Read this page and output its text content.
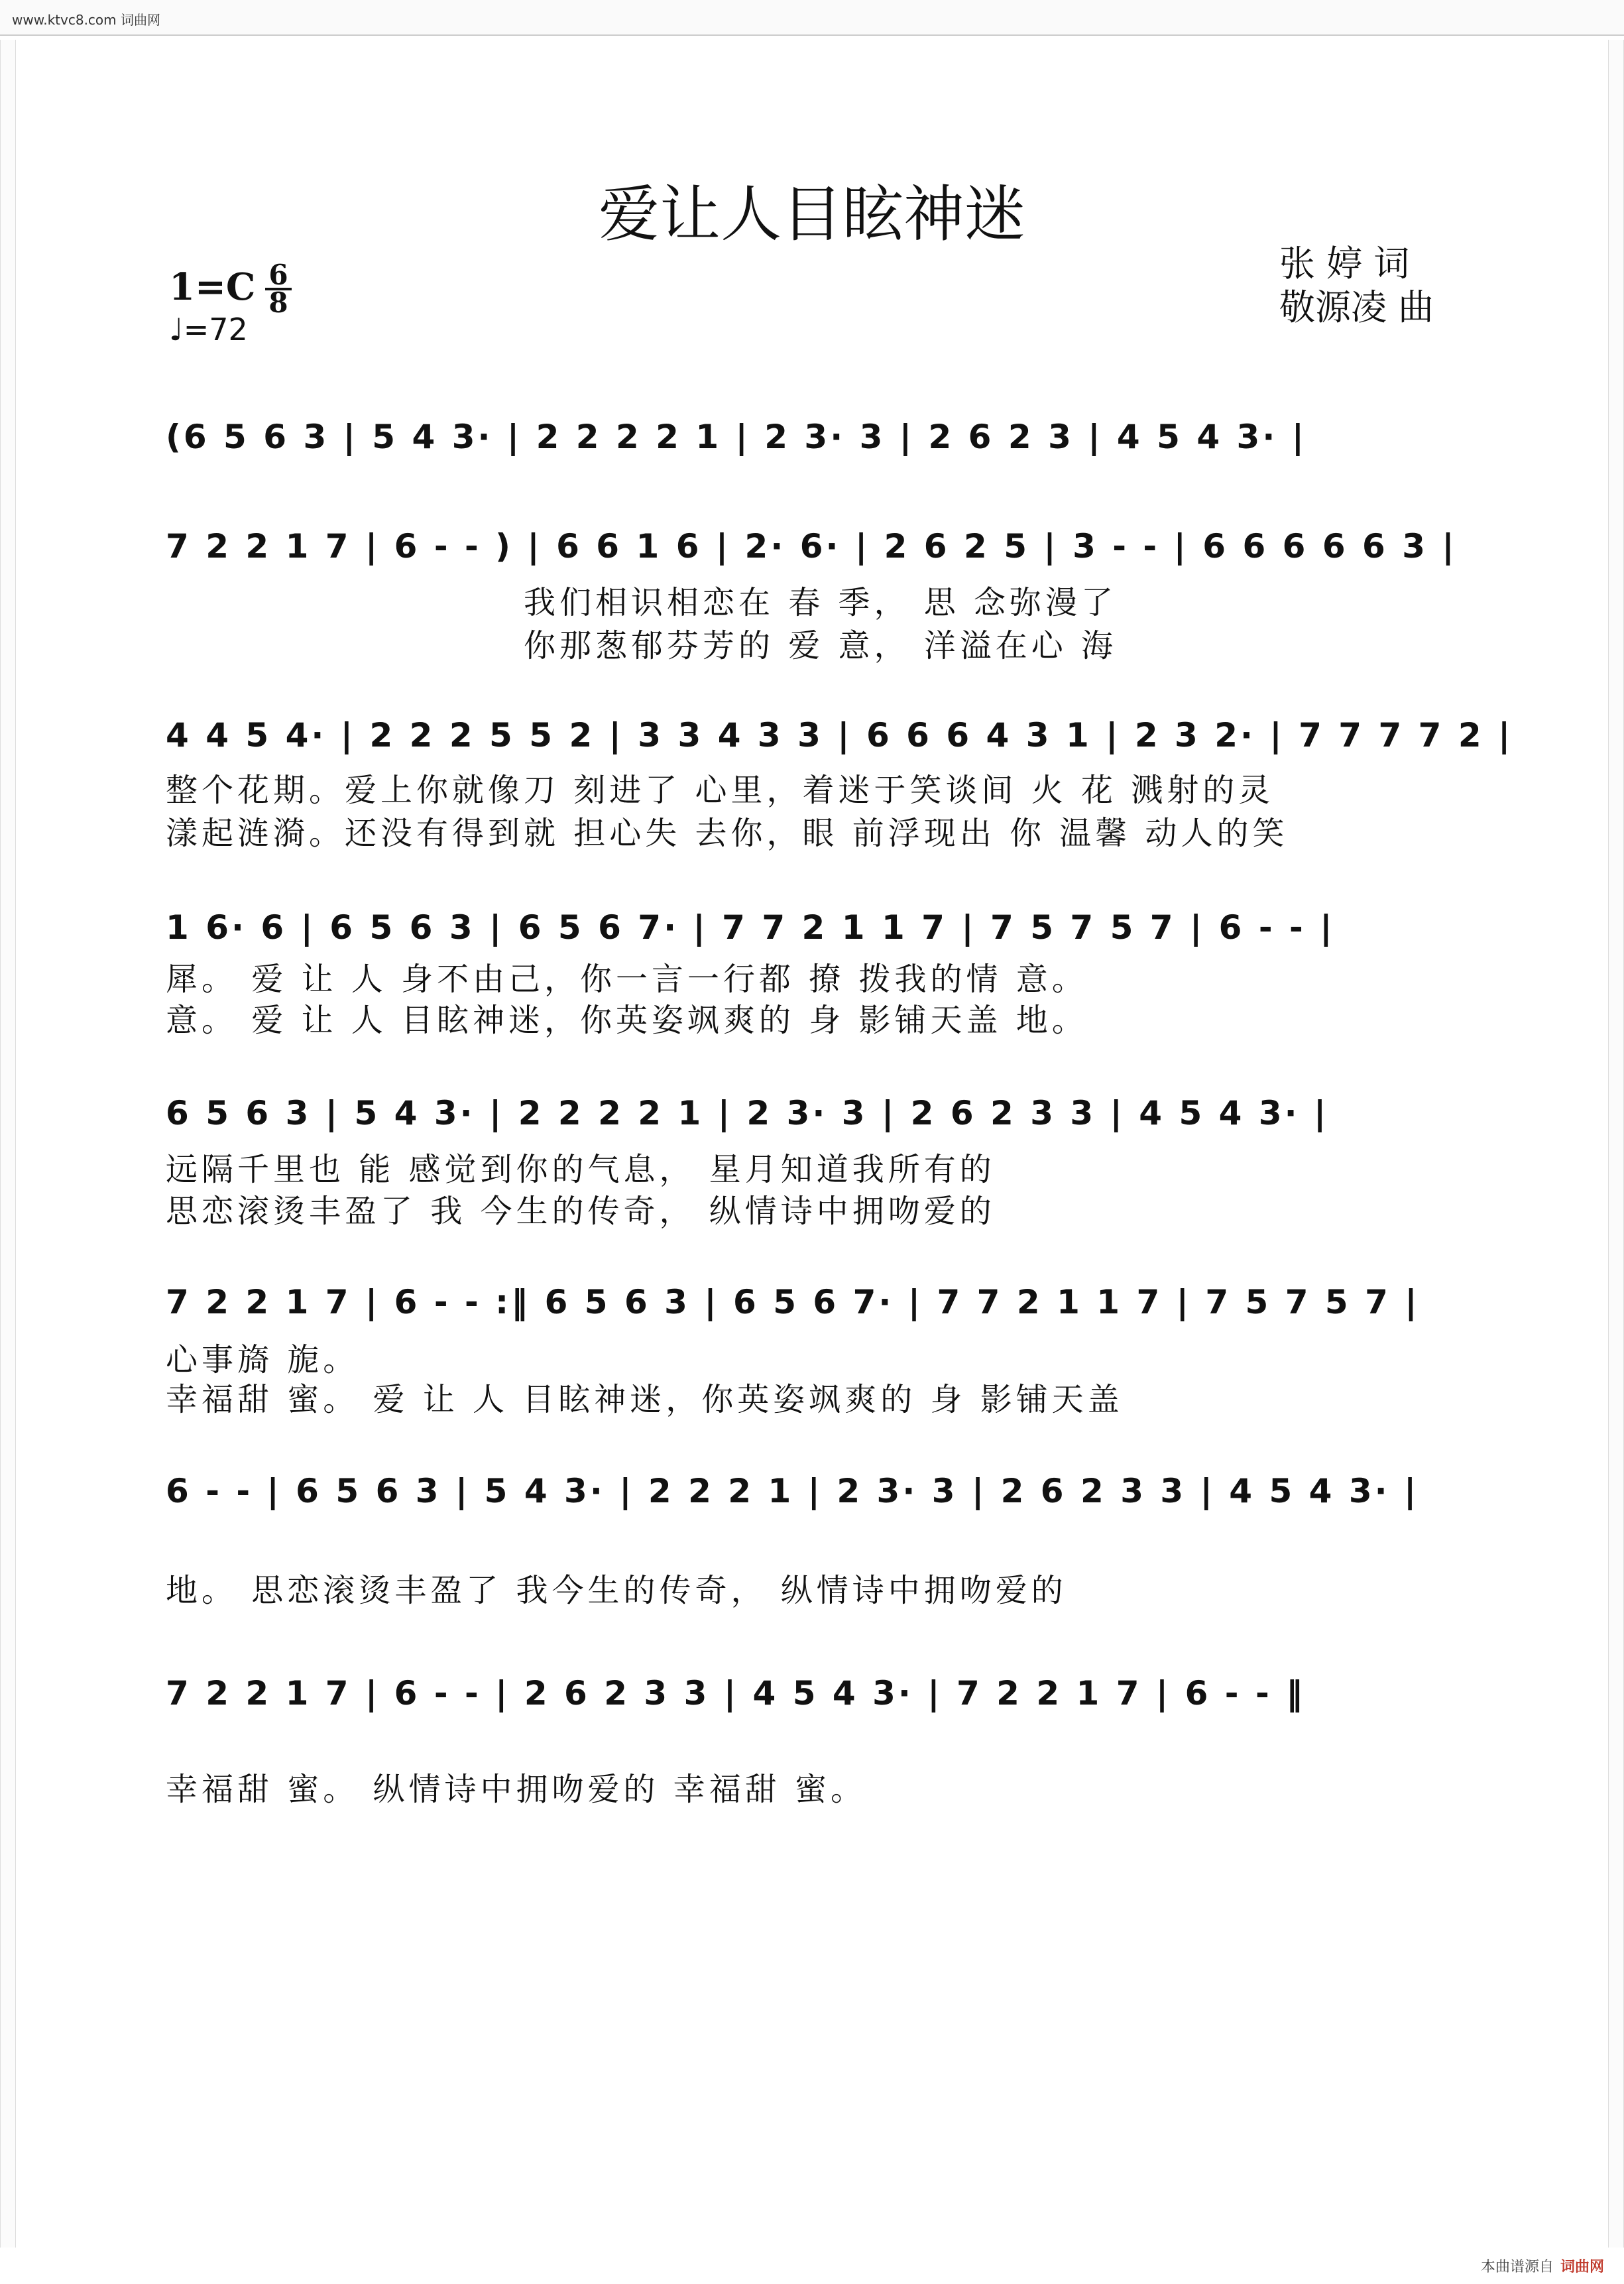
www.ktvc8.com 词曲网
爱让人目眩神迷
1=C 6
8
♩=72
张 婷 词
敬源凌 曲
(6 5 6 3 | 5 4 3· | 2 2 2 2 1 | 2 3· 3 | 2 6 2 3 | 4 5 4 3· |
7 2 2 1 7 | 6 - - ) | 6 6 1 6 | 2· 6· | 2 6 2 5 | 3 - - | 6 6 6 6 6 3 |
我们相识相恋在 春 季， 思 念弥漫了
你那葱郁芬芳的 爱 意， 洋溢在心 海
4 4 5 4· | 2 2 2 5 5 2 | 3 3 4 3 3 | 6 6 6 4 3 1 | 2 3 2· | 7 7 7 7 2 |
整个花期。爱上你就像刀 刻进了 心里，着迷于笑谈间 火 花 溅射的灵
漾起涟漪。还没有得到就 担心失 去你，眼 前浮现出 你 温馨 动人的笑
1 6· 6 | 6 5 6 3 | 6 5 6 7· | 7 7 2 1 1 7 | 7 5 7 5 7 | 6 - - |
犀。 爱 让 人 身不由己，你一言一行都 撩 拨我的情 意。
意。 爱 让 人 目眩神迷，你英姿飒爽的 身 影铺天盖 地。
6 5 6 3 | 5 4 3· | 2 2 2 2 1 | 2 3· 3 | 2 6 2 3 3 | 4 5 4 3· |
远隔千里也 能 感觉到你的气息， 星月知道我所有的
思恋滚烫丰盈了 我 今生的传奇， 纵情诗中拥吻爱的
7 2 2 1 7 | 6 - - :‖ 6 5 6 3 | 6 5 6 7· | 7 7 2 1 1 7 | 7 5 7 5 7 |
心事旖 旎。
幸福甜 蜜。 爱 让 人 目眩神迷，你英姿飒爽的 身 影铺天盖
6 - - | 6 5 6 3 | 5 4 3· | 2 2 2 1 | 2 3· 3 | 2 6 2 3 3 | 4 5 4 3· |
地。 思恋滚烫丰盈了 我今生的传奇， 纵情诗中拥吻爱的
7 2 2 1 7 | 6 - - | 2 6 2 3 3 | 4 5 4 3· | 7 2 2 1 7 | 6 - - ‖
幸福甜 蜜。 纵情诗中拥吻爱的 幸福甜 蜜。
本曲谱源自 词曲网
